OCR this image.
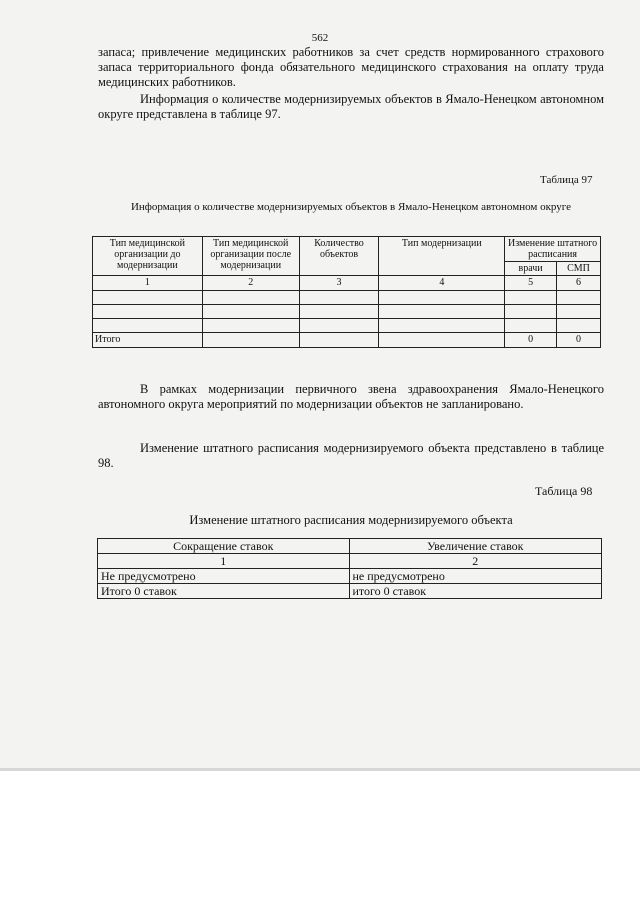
562
запаса; привлечение медицинских работников за счет средств нормированного страхового запаса территориального фонда обязательного медицинского страхования на оплату труда медицинских работников.
Информация о количестве модернизируемых объектов в Ямало-Ненецком автономном округе представлена в таблице 97.
Таблица 97
Информация о количестве модернизируемых объектов в Ямало-Ненецком автономном округе
Тип медицинской организации до модернизации	Тип медицинской организации после модернизации	Количество объектов	Тип модернизации	Изменение штатного расписания	
				врачи	СМП
1	2	3	4	5	6

Итого				0	0
В рамках модернизации первичного звена здравоохранения Ямало-Ненецкого автономного округа мероприятий по модернизации объектов не запланировано.
Изменение штатного расписания модернизируемого объекта представлено в таблице 98.
Таблица 98
Изменение штатного расписания модернизируемого объекта
Сокращение ставок	Увеличение ставок
1	2
Не предусмотрено	не предусмотрено
Итого 0 ставок	итого 0 ставок
